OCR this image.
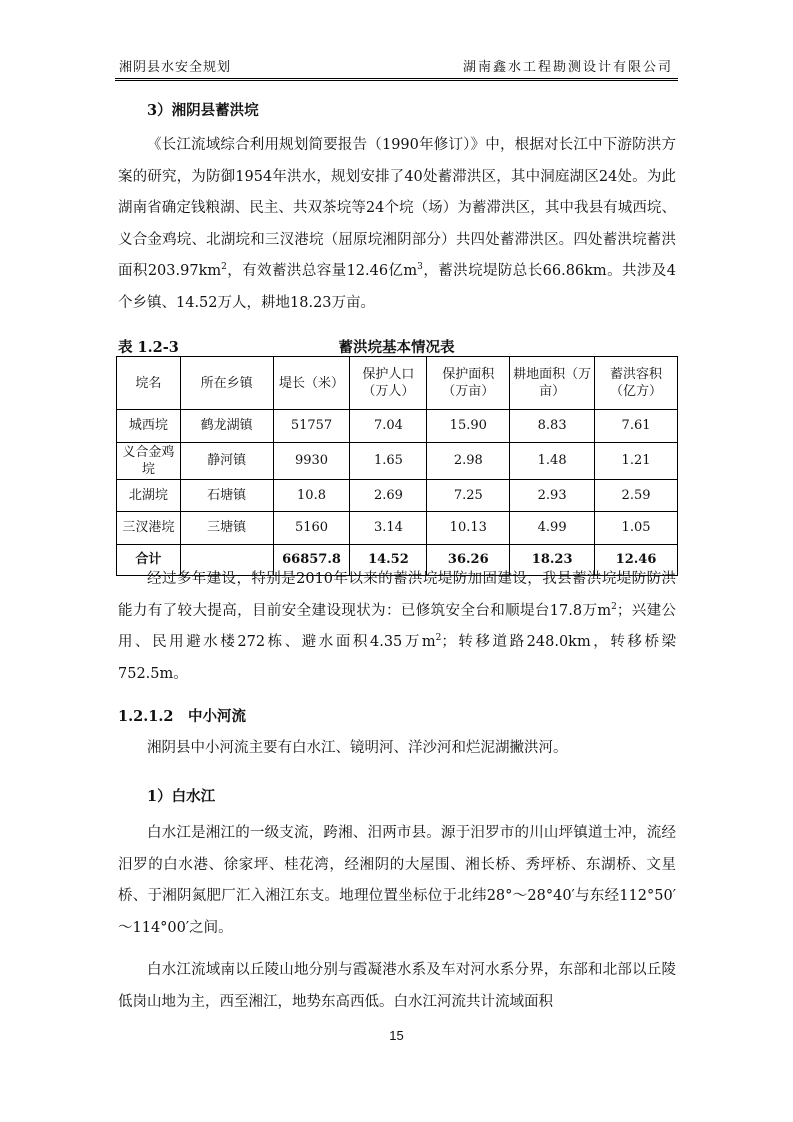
湘阴县水安全规划	湖南鑫水工程勘测设计有限公司
3）湘阴县蓄洪垸

《长江流域综合利用规划简要报告（1990年修订）》中，根据对长江中下游防洪方案的研究，为防御1954年洪水，规划安排了40处蓄滞洪区，其中洞庭湖区24处。为此湖南省确定钱粮湖、民主、共双茶垸等24个垸（场）为蓄滞洪区，其中我县有城西垸、义合金鸡垸、北湖垸和三汊港垸（屈原垸湘阴部分）共四处蓄滞洪区。四处蓄洪垸蓄洪面积$203.97km^2$，有效蓄洪总容量12.46亿$m^3$，蓄洪垸堤防总长66.86km。共涉及4个乡镇、14.52万人，耕地18.23万亩。

表 1.2-3	蓄洪垸基本情况表
垸名	所在乡镇	堤长（米）	保护人口（万人）	保护面积（万亩）	耕地面积（万亩）	蓄洪容积（亿方）
城西垸	鹤龙湖镇	51757	7.04	15.90	8.83	7.61
义合金鸡垸	静河镇	9930	1.65	2.98	1.48	1.21
北湖垸	石塘镇	10.8	2.69	7.25	2.93	2.59
三汊港垸	三塘镇	5160	3.14	10.13	4.99	1.05
合计		66857.8	14.52	36.26	18.23	12.46

经过多年建设，特别是2010年以来的蓄洪垸堤防加固建设，我县蓄洪垸堤防防洪能力有了较大提高，目前安全建设现状为：已修筑安全台和顺堤台17.8万$m^2$；兴建公用、民用避水楼272栋、避水面积4.35万$m^2$；转移道路248.0km，转移桥梁752.5m。

1.2.1.2　中小河流

湘阴县中小河流主要有白水江、镜明河、洋沙河和烂泥湖撇洪河。

1）白水江

白水江是湘江的一级支流，跨湘、汨两市县。源于汨罗市的川山坪镇道士冲，流经汨罗的白水港、徐家坪、桂花湾，经湘阴的大屋围、湘长桥、秀坪桥、东湖桥、文星桥、于湘阴氮肥厂汇入湘江东支。地理位置坐标位于北纬28°～28°40′与东经112°50′～114°00′之间。

白水江流域南以丘陵山地分别与霞凝港水系及车对河水系分界，东部和北部以丘陵低岗山地为主，西至湘江，地势东高西低。白水江河流共计流域面积

15
